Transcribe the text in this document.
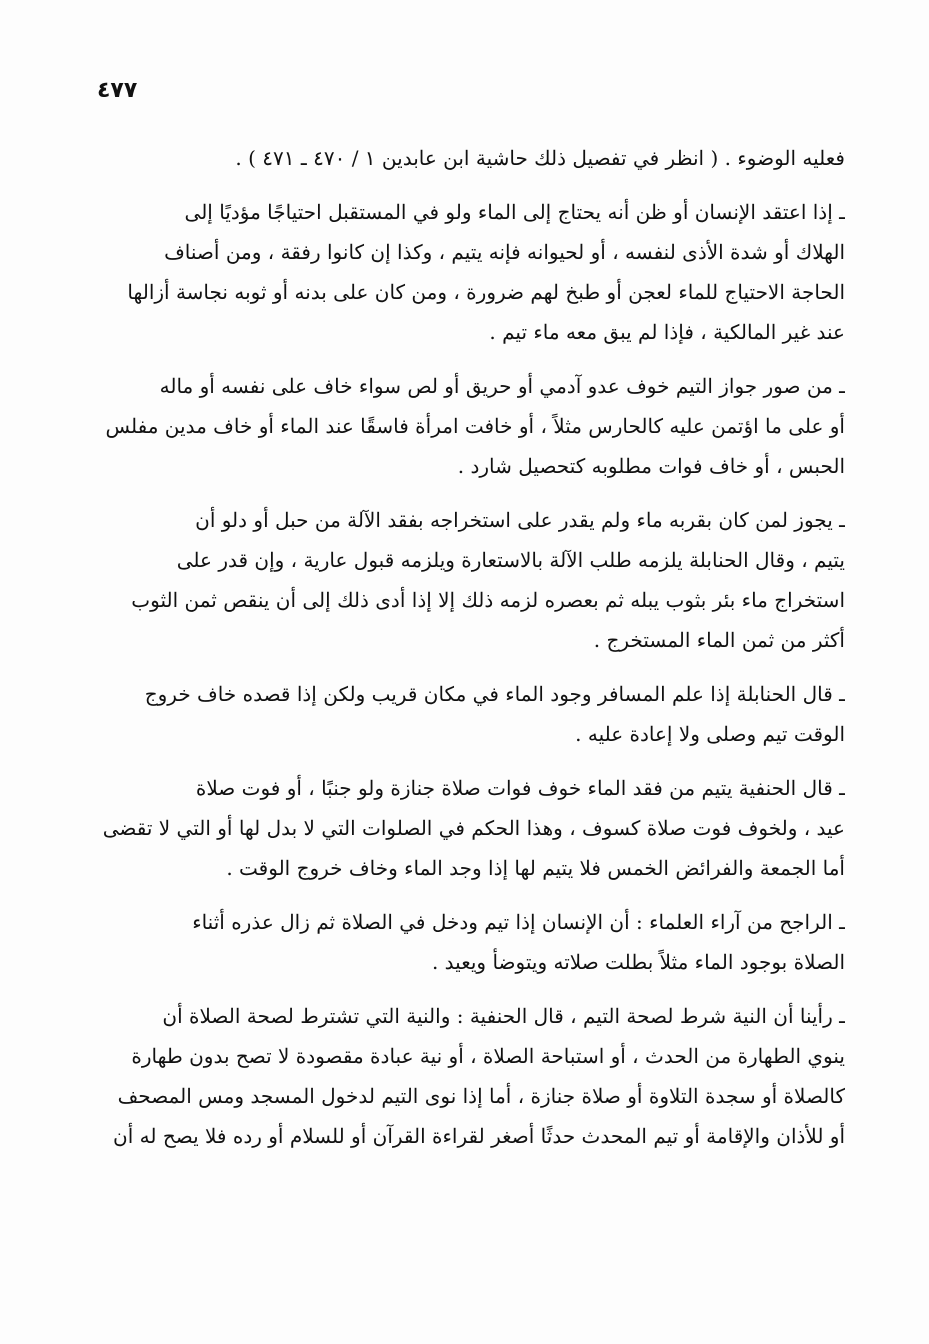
٤٧٧
فعليه الوضوء . ( انظر في تفصيل ذلك حاشية ابن عابدين ١ / ٤٧٠ ـ ٤٧١ ) .
ـ إذا اعتقد الإنسان أو ظن أنه يحتاج إلى الماء ولو في المستقبل احتياجًا مؤديًا إلى
الهلاك أو شدة الأذى لنفسه ، أو لحيوانه فإنه يتيم ، وكذا إن كانوا رفقة ، ومن أصناف
الحاجة الاحتياج للماء لعجن أو طبخ لهم ضرورة ، ومن كان على بدنه أو ثوبه نجاسة أزالها
عند غير المالكية ، فإذا لم يبق معه ماء تيم .
ـ من صور جواز التيم خوف عدو آدمي أو حريق أو لص سواء خاف على نفسه أو ماله
أو على ما اؤتمن عليه كالحارس مثلاً ، أو خافت امرأة فاسقًا عند الماء أو خاف مدين مفلس
الحبس ، أو خاف فوات مطلوبه كتحصيل شارد .
ـ يجوز لمن كان بقربه ماء ولم يقدر على استخراجه بفقد الآلة من حبل أو دلو أن
يتيم ، وقال الحنابلة يلزمه طلب الآلة بالاستعارة ويلزمه قبول عارية ، وإن قدر على
استخراج ماء بئر بثوب يبله ثم بعصره لزمه ذلك إلا إذا أدى ذلك إلى أن ينقص ثمن الثوب
أكثر من ثمن الماء المستخرج .
ـ قال الحنابلة إذا علم المسافر وجود الماء في مكان قريب ولكن إذا قصده خاف خروج
الوقت تيم وصلى ولا إعادة عليه .
ـ قال الحنفية يتيم من فقد الماء خوف فوات صلاة جنازة ولو جنبًا ، أو فوت صلاة
عيد ، ولخوف فوت صلاة كسوف ، وهذا الحكم في الصلوات التي لا بدل لها أو التي لا تقضى
أما الجمعة والفرائض الخمس فلا يتيم لها إذا وجد الماء وخاف خروج الوقت .
ـ الراجح من آراء العلماء : أن الإنسان إذا تيم ودخل في الصلاة ثم زال عذره أثناء
الصلاة بوجود الماء مثلاً بطلت صلاته ويتوضأ ويعيد .
ـ رأينا أن النية شرط لصحة التيم ، قال الحنفية : والنية التي تشترط لصحة الصلاة أن
ينوي الطهارة من الحدث ، أو استباحة الصلاة ، أو نية عبادة مقصودة لا تصح بدون طهارة
كالصلاة أو سجدة التلاوة أو صلاة جنازة ، أما إذا نوى التيم لدخول المسجد ومس المصحف
أو للأذان والإقامة أو تيم المحدث حدثًا أصغر لقراءة القرآن أو للسلام أو رده فلا يصح له أن
